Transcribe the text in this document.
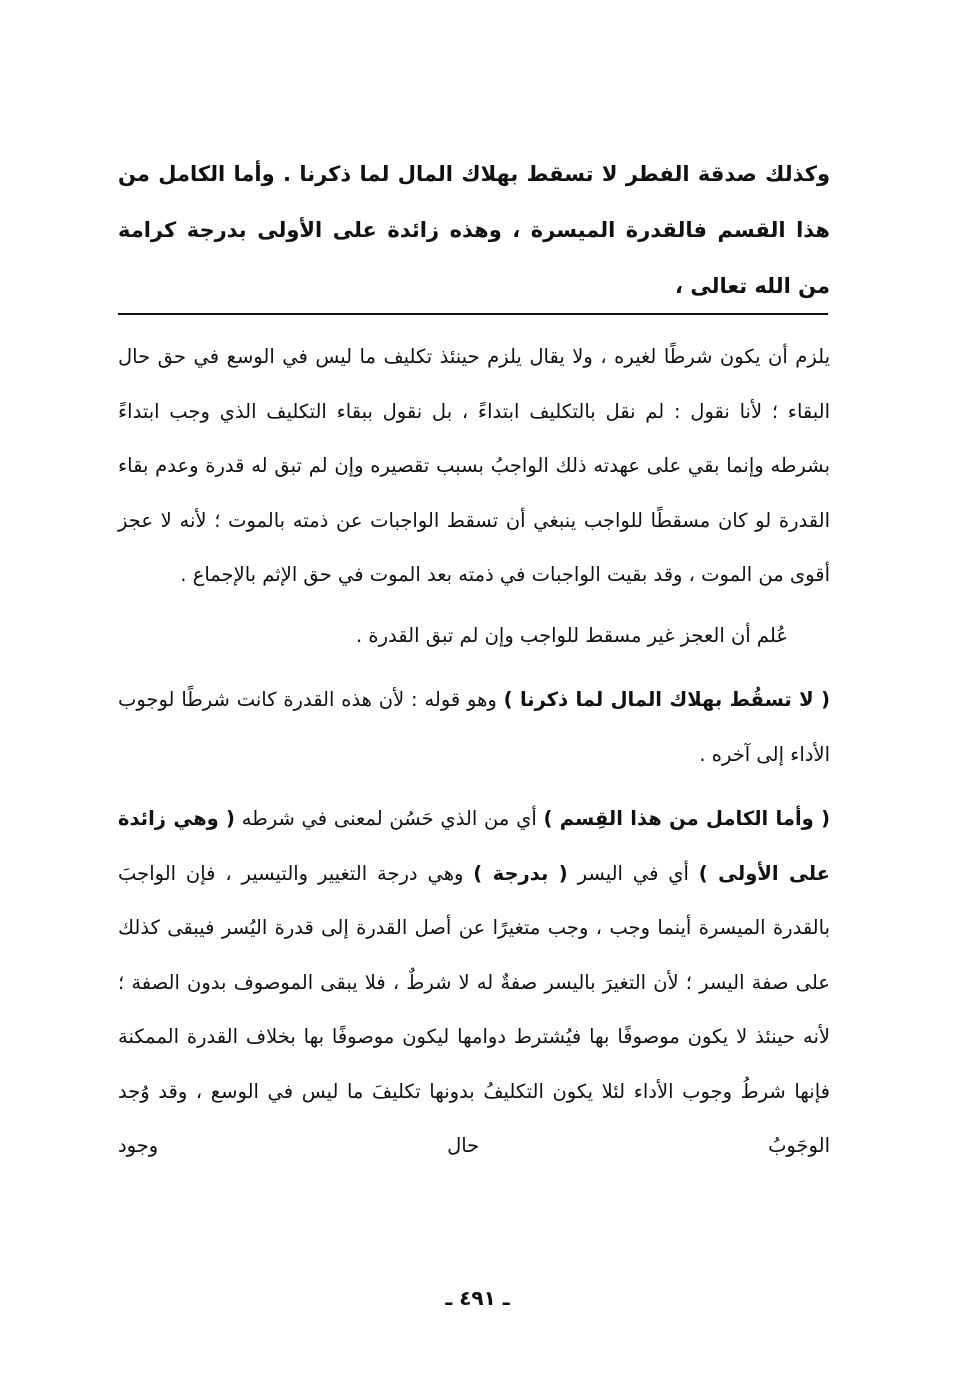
وكذلك صدقة الفطر لا تسقط بهلاك المال لما ذكرنا . وأما الكامل من هذا القسم فالقدرة الميسرة ، وهذه زائدة على الأولى بدرجة كرامة من الله تعالى ،

يلزم أن يكون شرطًا لغيره ، ولا يقال يلزم حينئذ تكليف ما ليس في الوسع في حق حال البقاء ؛ لأنا نقول : لم نقل بالتكليف ابتداءً ، بل نقول ببقاء التكليف الذي وجب ابتداءً بشرطه وإنما بقي على عهدته ذلك الواجبُ بسبب تقصيره وإن لم تبق له قدرة وعدم بقاء القدرة لو كان مسقطًا للواجب ينبغي أن تسقط الواجبات عن ذمته بالموت ؛ لأنه لا عجز أقوى من الموت ، وقد بقيت الواجبات في ذمته بعد الموت في حق الإثم بالإجماع .

عُلم أن العجز غير مسقط للواجب وإن لم تبق القدرة .

( لا تسقُط بهلاك المال لما ذكرنا ) وهو قوله : لأن هذه القدرة كانت شرطًا لوجوب الأداء إلى آخره .

( وأما الكامل من هذا القِسم ) أي من الذي حَسُن لمعنى في شرطه ( وهي زائدة على الأولى ) أي في اليسر ( بدرجة ) وهي درجة التغيير والتيسير ، فإن الواجبَ بالقدرة الميسرة أينما وجب ، وجب متغيرًا عن أصل القدرة إلى قدرة اليُسر فيبقى كذلك على صفة اليسر ؛ لأن التغيرَ باليسر صفةٌ له لا شرطٌ ، فلا يبقى الموصوف بدون الصفة ؛ لأنه حينئذ لا يكون موصوفًا بها فيُشترط دوامها ليكون موصوفًا بها بخلاف القدرة الممكنة فإنها شرطُ وجوب الأداء لئلا يكون التكليفُ بدونها تكليفَ ما ليس في الوسع ، وقد وُجد الوجَوبُ حال وجود

ـ ٤٩١ ـ
